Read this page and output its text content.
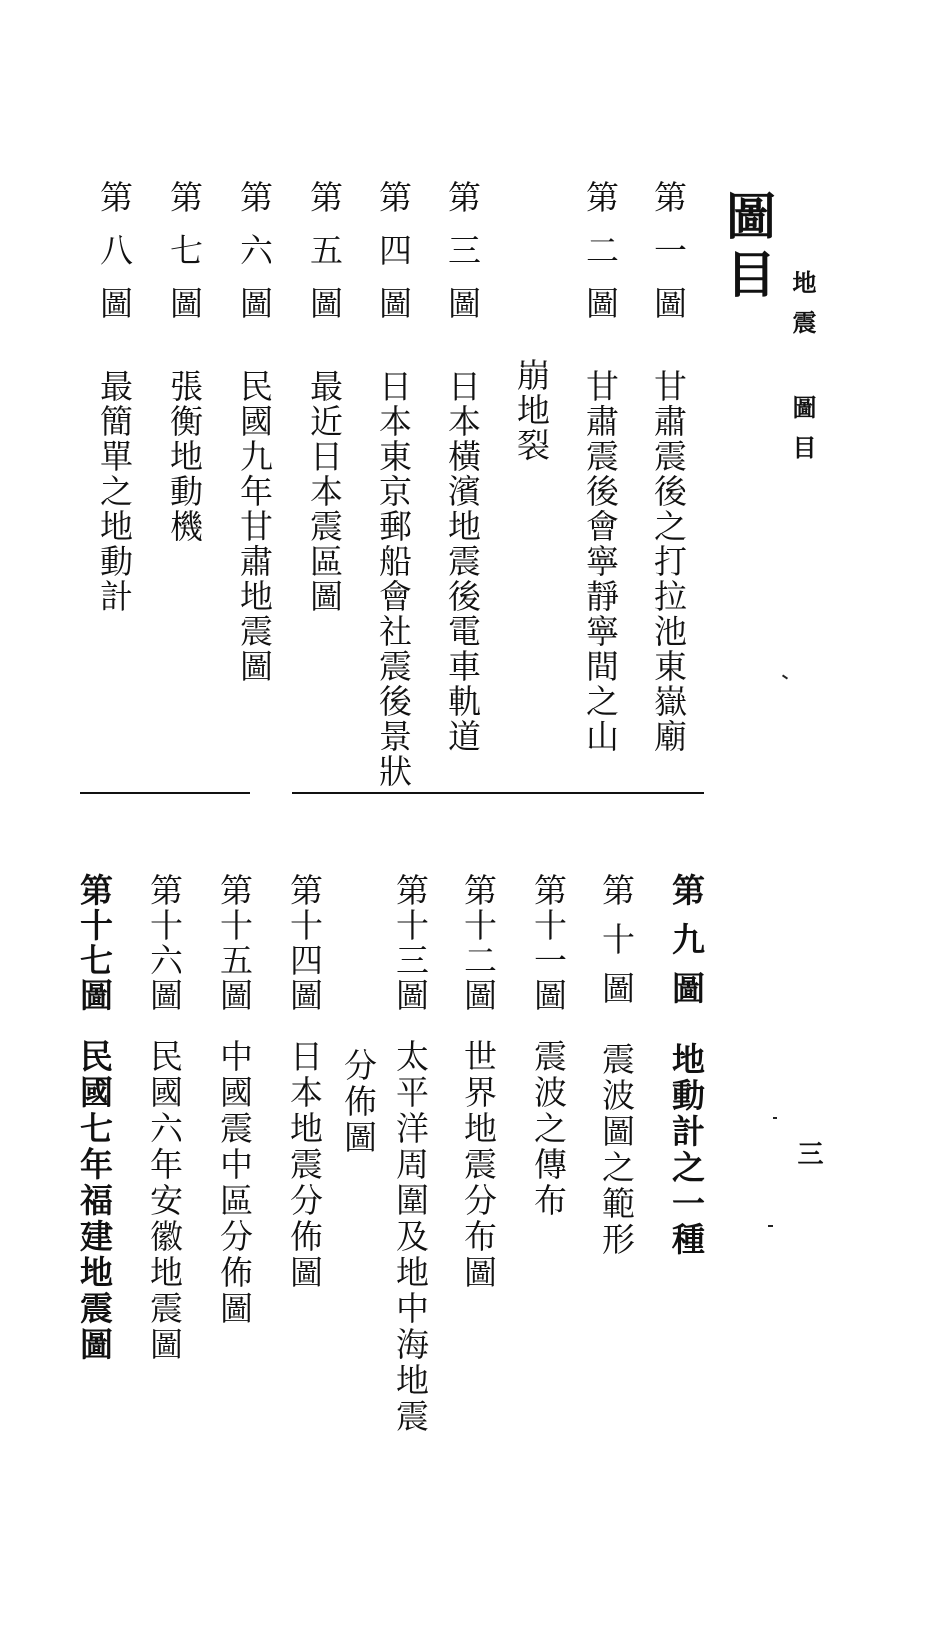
地震 圖目
三
圖目
第一圖甘肅震後之打拉池東嶽廟
第二圖甘肅震後會寧靜寧間之山
崩地裂
第三圖日本橫濱地震後電車軌道
第四圖日本東京郵船會社震後景狀
第五圖最近日本震區圖
第六圖民國九年甘肅地震圖
第七圖張衡地動機
第八圖最簡單之地動計
第九圖地動計之一種
第十圖震波圖之範形
第十一圖震波之傳布
第十二圖世界地震分布圖
第十三圖太平洋周圍及地中海地震
分佈圖
第十四圖日本地震分佈圖
第十五圖中國震中區分佈圖
第十六圖民國六年安徽地震圖
第十七圖民國七年福建地震圖
